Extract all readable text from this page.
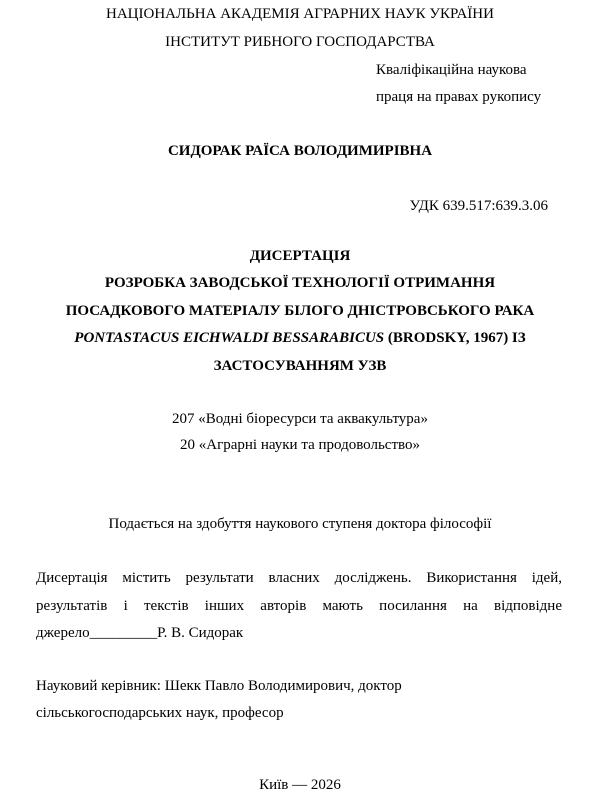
НАЦІОНАЛЬНА АКАДЕМІЯ АГРАРНИХ НАУК УКРАЇНИ
ІНСТИТУТ РИБНОГО ГОСПОДАРСТВА
Кваліфікаційна наукова
праця на правах рукопису
СИДОРАК РАЇСА ВОЛОДИМИРІВНА
УДК 639.517:639.3.06
ДИСЕРТАЦІЯ
РОЗРОБКА ЗАВОДСЬКОЇ ТЕХНОЛОГІЇ ОТРИМАННЯ
ПОСАДКОВОГО МАТЕРІАЛУ БІЛОГО ДНІСТРОВСЬКОГО РАКА
PONTASTACUS EICHWALDI BESSARABICUS (BRODSKY, 1967) ІЗ
ЗАСТОСУВАННЯМ УЗВ
207 «Водні біоресурси та аквакультура»
20 «Аграрні науки та продовольство»
Подається на здобуття наукового ступеня доктора філософії
Дисертація містить результати власних досліджень. Використання ідей,
результатів і текстів інших авторів мають посилання на відповідне
джерело_________Р. В. Сидорак
Науковий керівник: Шекк Павло Володимирович, доктор
сільськогосподарських наук, професор
Київ — 2026
